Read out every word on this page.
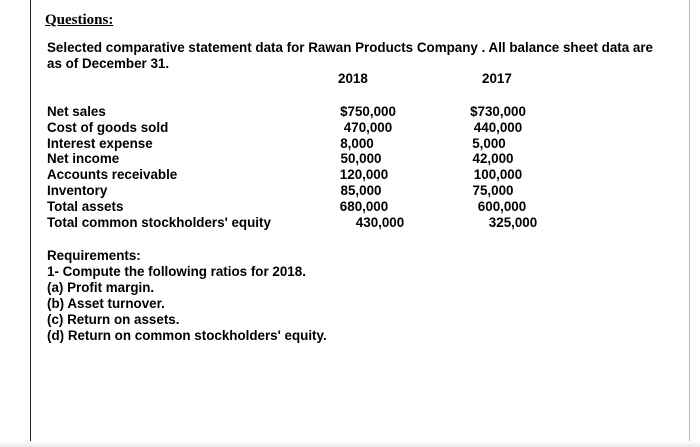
Questions:
Selected comparative statement data for Rawan Products Company . All balance sheet data are as of December 31.
2018	2017
Net sales
Cost of goods sold
Interest expense
Net income
Accounts receivable
Inventory
Total assets
Total common stockholders' equity
$750,000
470,000
8,000
50,000
120,000
85,000
680,000
430,000
$730,000
440,000
5,000
42,000
100,000
75,000
600,000
325,000
Requirements:
1- Compute the following ratios for 2018.
(a) Profit margin.
(b) Asset turnover.
(c) Return on assets.
(d) Return on common stockholders' equity.
